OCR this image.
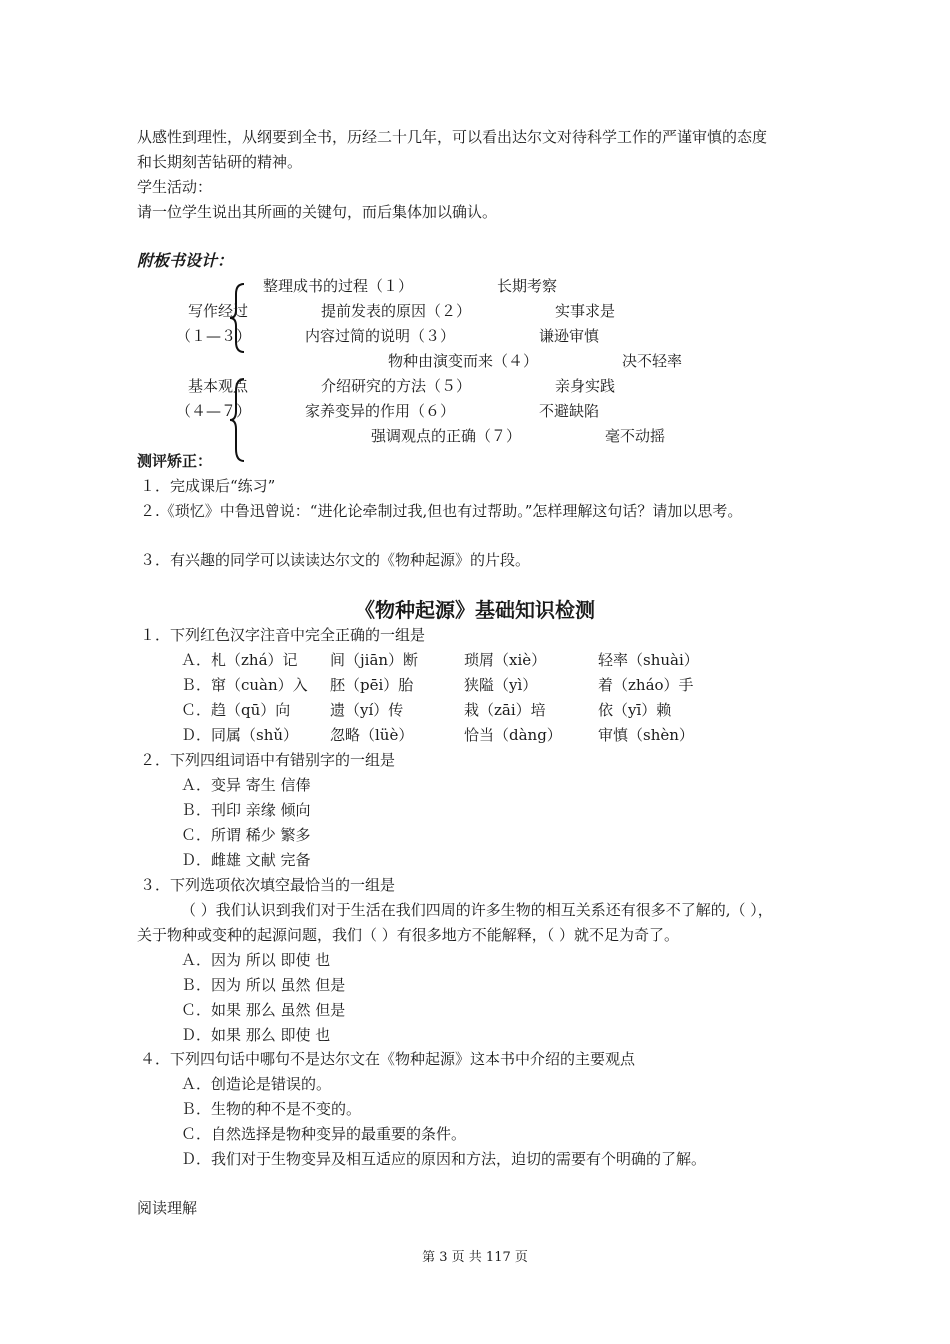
从感性到理性，从纲要到全书，历经二十几年，可以看出达尔文对待科学工作的严谨审慎的态度
和长期刻苦钻研的精神。
学生活动：
请一位学生说出其所画的关键句，而后集体加以确认。
附板书设计：
写作经过
（１—３）
基本观点
（４—７）
整理成书的过程（１）	长期考察
提前发表的原因（２）	实事求是
内容过简的说明（３）	谦逊审慎
物种由演变而来（４）	决不轻率
介绍研究的方法（５）	亲身实践
家养变异的作用（６）	不避缺陷
强调观点的正确（７）	毫不动摇
测评矫正：
１．完成课后“练习”
２.《琐忆》中鲁迅曾说：“进化论牵制过我,但也有过帮助。”怎样理解这句话？请加以思考。
３．有兴趣的同学可以读读达尔文的《物种起源》的片段。
《物种起源》基础知识检测
１．下列红色汉字注音中完全正确的一组是
Ａ．札（zhá）记 间（jiān）断	琐屑（xiè）	轻率（shuài）
Ｂ．窜（cuàn）入 胚（pēi）胎	狭隘（yì）	着（zháo）手
Ｃ．趋（qū）向	遗（yí）传	栽（zāi）培	依（yī）赖
Ｄ．同属（shǔ） 忽略（lüè）	恰当（dàng） 审慎（shèn）
２．下列四组词语中有错别字的一组是
Ａ．变异 寄生 信俸
Ｂ．刊印 亲缘 倾向
Ｃ．所谓 稀少 繁多
Ｄ．雌雄 文献 完备
３．下列选项依次填空最恰当的一组是
（ ）我们认识到我们对于生活在我们四周的许多生物的相互关系还有很多不了解的,（ ），
关于物种或变种的起源问题，我们（ ）有很多地方不能解释，（ ）就不足为奇了。
Ａ．因为 所以 即使 也
Ｂ．因为 所以 虽然 但是
Ｃ．如果 那么 虽然 但是
Ｄ．如果 那么 即使 也
４．下列四句话中哪句不是达尔文在《物种起源》这本书中介绍的主要观点
Ａ．创造论是错误的。
Ｂ．生物的种不是不变的。
Ｃ．自然选择是物种变异的最重要的条件。
Ｄ．我们对于生物变异及相互适应的原因和方法，迫切的需要有个明确的了解。
阅读理解
第 3 页 共 117 页
